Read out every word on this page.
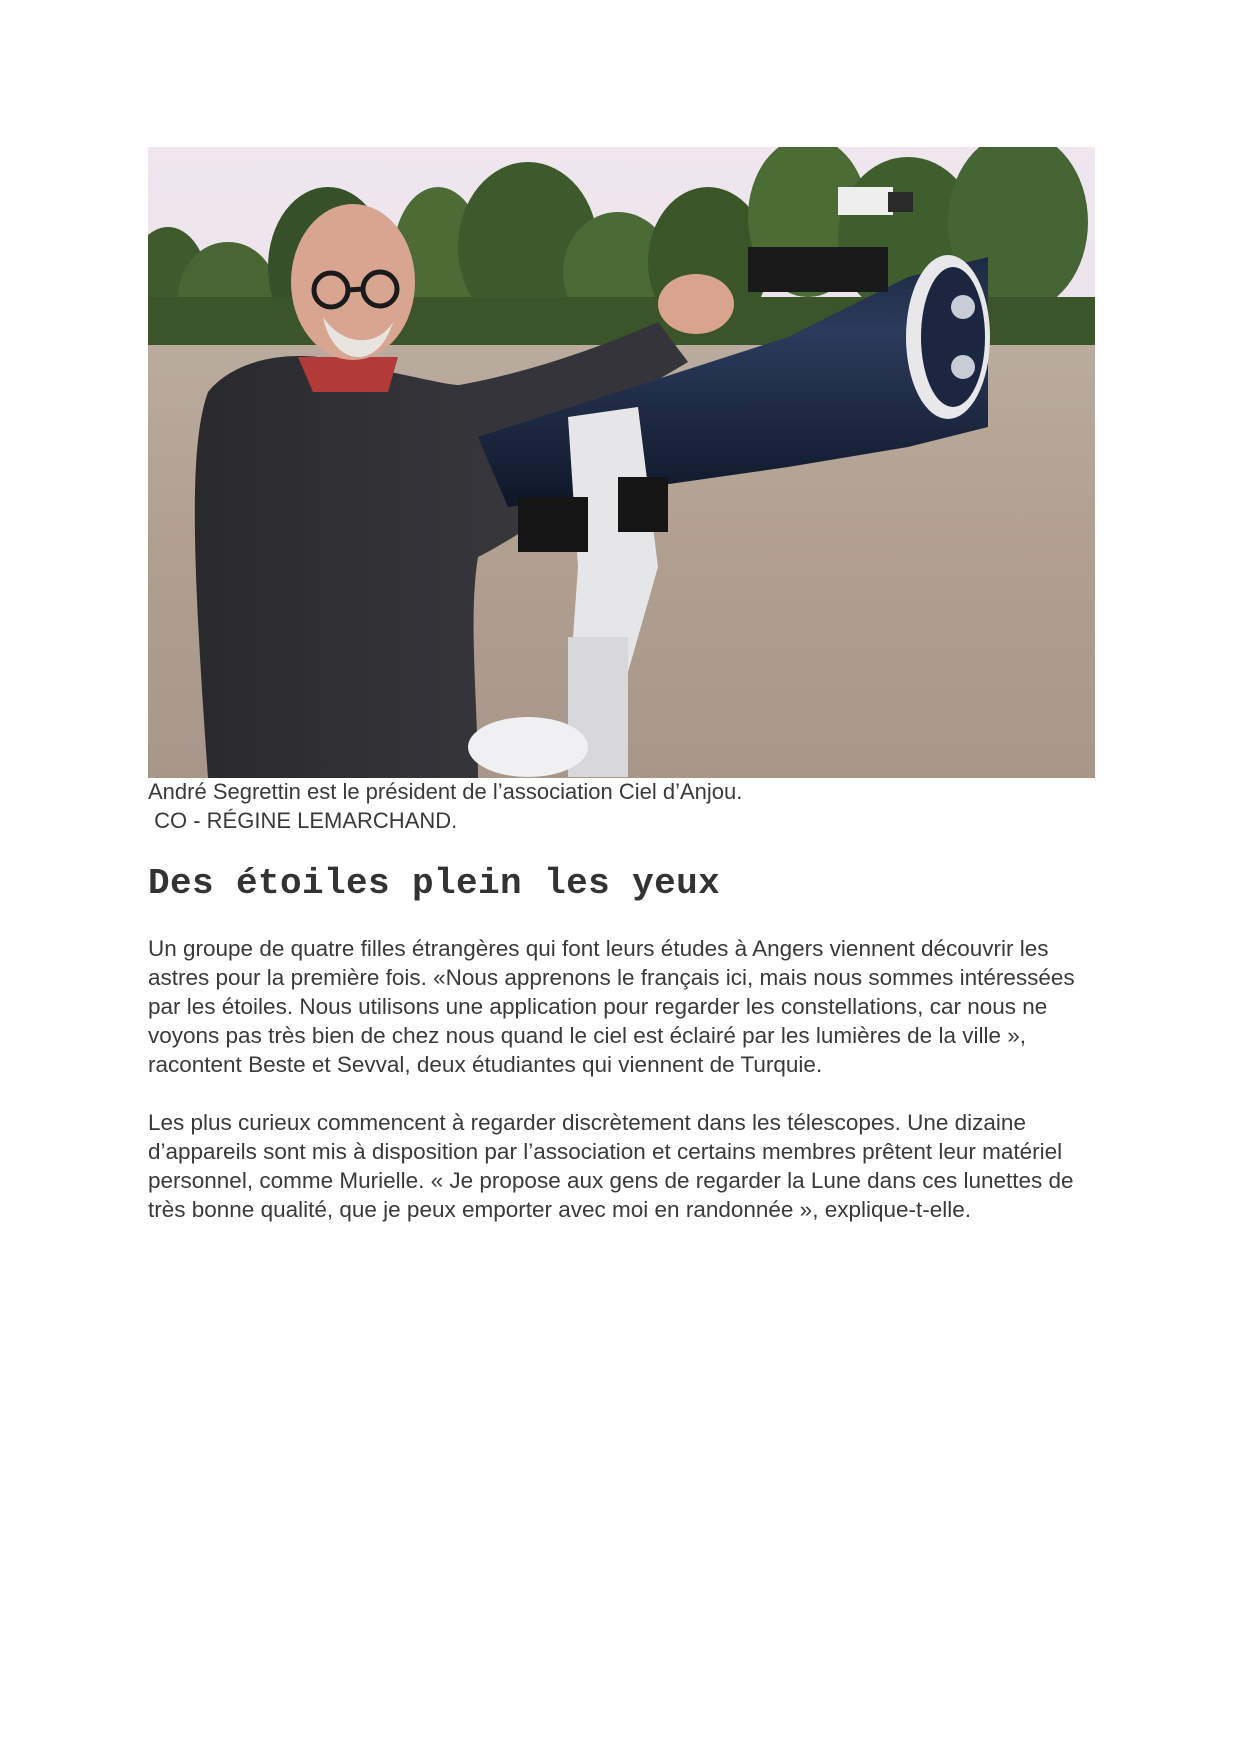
André Segrettin est le président de l’association Ciel d’Anjou.
CO - RÉGINE LEMARCHAND.
Des étoiles plein les yeux

Un groupe de quatre filles étrangères qui font leurs études à Angers viennent découvrir les astres pour la première fois. «Nous apprenons le français ici, mais nous sommes intéressées par les étoiles. Nous utilisons une application pour regarder les constellations, car nous ne voyons pas très bien de chez nous quand le ciel est éclairé par les lumières de la ville », racontent Beste et Sevval, deux étudiantes qui viennent de Turquie.

Les plus curieux commencent à regarder discrètement dans les télescopes. Une dizaine d’appareils sont mis à disposition par l’association et certains membres prêtent leur matériel personnel, comme Murielle. « Je propose aux gens de regarder la Lune dans ces lunettes de très bonne qualité, que je peux emporter avec moi en randonnée », explique-t-elle.
